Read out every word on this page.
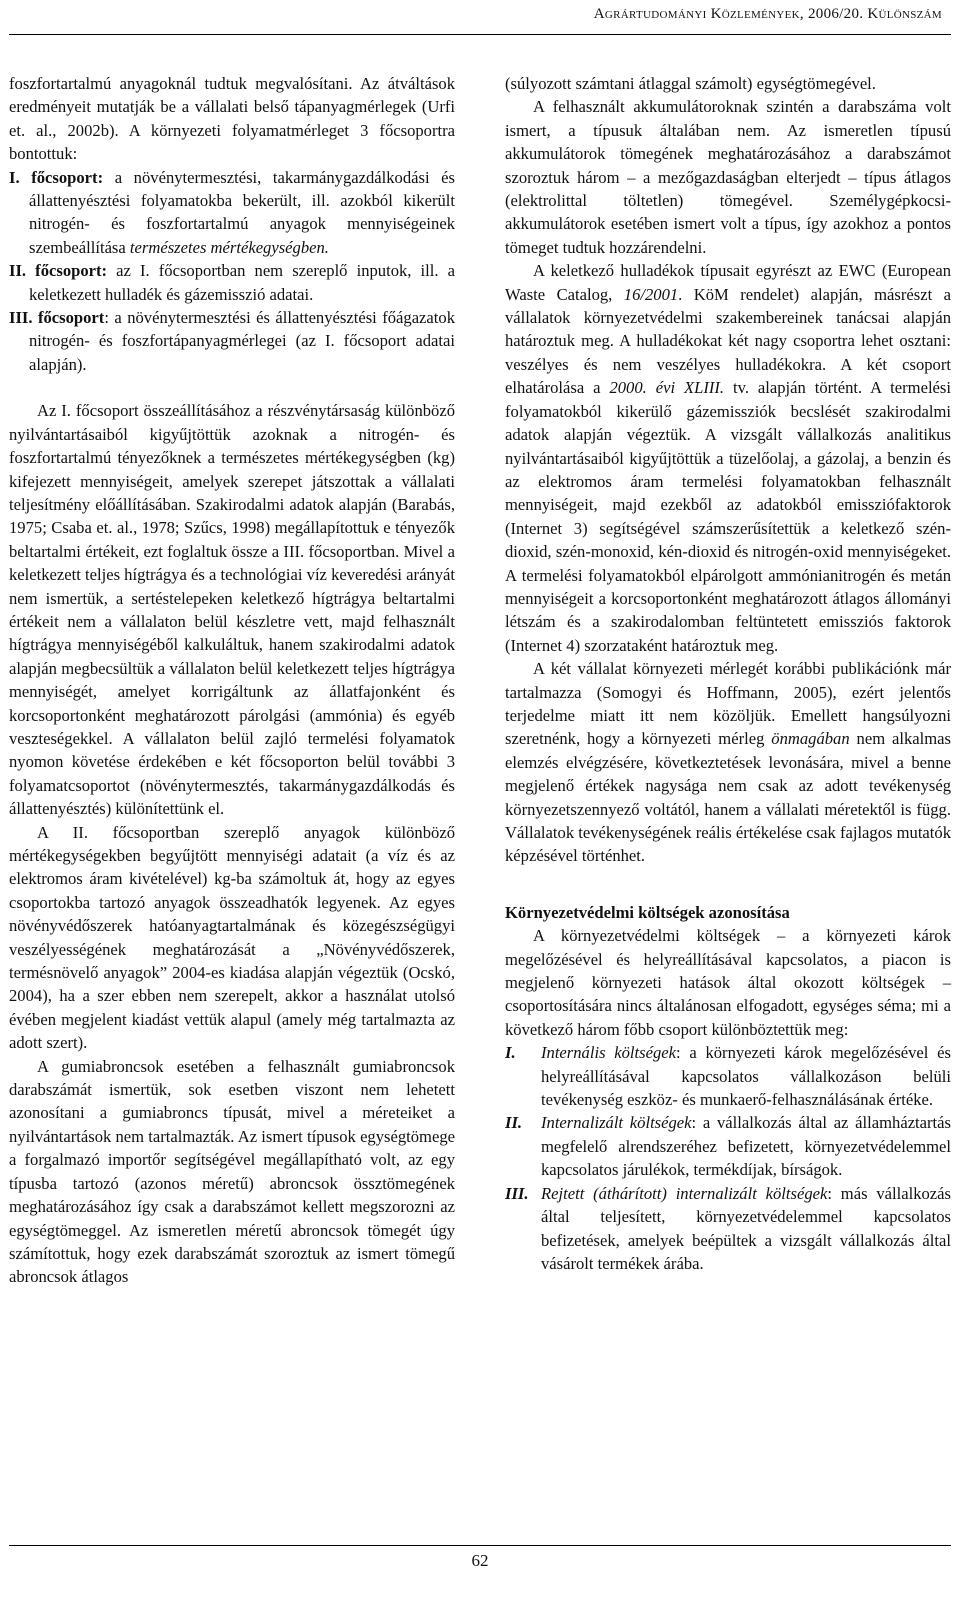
Agrártudományi Közlemények, 2006/20. Különszám

foszfortartalmú anyagoknál tudtuk megvalósítani. Az átváltások eredményeit mutatják be a vállalati belső tápanyagmérlegek (Urfi et. al., 2002b). A környezeti folyamatmérleget 3 főcsoportra bontottuk:

I. főcsoport: a növénytermesztési, takarmánygazdálkodási és állattenyésztési folyamatokba bekerült, ill. azokból kikerült nitrogén- és foszfortartalmú anyagok mennyiségeinek szembeállítása természetes mértékegységben.

II. főcsoport: az I. főcsoportban nem szereplő inputok, ill. a keletkezett hulladék és gázemisszió adatai.

III. főcsoport: a növénytermesztési és állattenyésztési főágazatok nitrogén- és foszfortápanyagmérlegei (az I. főcsoport adatai alapján).

Az I. főcsoport összeállításához a részvénytársaság különböző nyilvántartásaiból kigyűjtöttük azoknak a nitrogén- és foszfortartalmú tényezőknek a természetes mértékegységben (kg) kifejezett mennyiségeit, amelyek szerepet játszottak a vállalati teljesítmény előállításában. Szakirodalmi adatok alapján (Barabás, 1975; Csaba et. al., 1978; Szűcs, 1998) megállapítottuk e tényezők beltartalmi értékeit, ezt foglaltuk össze a III. főcsoportban. Mivel a keletkezett teljes hígtrágya és a technológiai víz keveredési arányát nem ismertük, a sertéstelepeken keletkező hígtrágya beltartalmi értékeit nem a vállalaton belül készletre vett, majd felhasznált hígtrágya mennyiségéből kalkuláltuk, hanem szakirodalmi adatok alapján megbecsültük a vállalaton belül keletkezett teljes hígtrágya mennyiségét, amelyet korrigáltunk az állatfajonként és korcsoportonként meghatározott párolgási (ammónia) és egyéb veszteségekkel. A vállalaton belül zajló termelési folyamatok nyomon követése érdekében e két főcsoporton belül további 3 folyamatcsoportot (növénytermesztés, takarmánygazdálkodás és állattenyésztés) különítettünk el.

A II. főcsoportban szereplő anyagok különböző mértékegységekben begyűjtött mennyiségi adatait (a víz és az elektromos áram kivételével) kg-ba számoltuk át, hogy az egyes csoportokba tartozó anyagok összeadhatók legyenek. Az egyes növényvédőszerek hatóanyagtartalmának és közegészségügyi veszélyességének meghatározását a „Növényvédőszerek, termésnövelő anyagok” 2004-es kiadása alapján végeztük (Ocskó, 2004), ha a szer ebben nem szerepelt, akkor a használat utolsó évében megjelent kiadást vettük alapul (amely még tartalmazta az adott szert).

A gumiabroncsok esetében a felhasznált gumiabroncsok darabszámát ismertük, sok esetben viszont nem lehetett azonosítani a gumiabroncs típusát, mivel a méreteiket a nyilvántartások nem tartalmazták. Az ismert típusok egységtömege a forgalmazó importőr segítségével megállapítható volt, az egy típusba tartozó (azonos méretű) abroncsok össztömegének meghatározásához így csak a darabszámot kellett megszorozni az egységtömeggel. Az ismeretlen méretű abroncsok tömegét úgy számítottuk, hogy ezek darabszámát szoroztuk az ismert tömegű abroncsok átlagos

(súlyozott számtani átlaggal számolt) egységtömegével.

A felhasznált akkumulátoroknak szintén a darabszáma volt ismert, a típusuk általában nem. Az ismeretlen típusú akkumulátorok tömegének meghatározásához a darabszámot szoroztuk három – a mezőgazdaságban elterjedt – típus átlagos (elektrolittal töltetlen) tömegével. Személygépkocsi-akkumulátorok esetében ismert volt a típus, így azokhoz a pontos tömeget tudtuk hozzárendelni.

A keletkező hulladékok típusait egyrészt az EWC (European Waste Catalog, 16/2001. KöM rendelet) alapján, másrészt a vállalatok környezetvédelmi szakembereinek tanácsai alapján határoztuk meg. A hulladékokat két nagy csoportra lehet osztani: veszélyes és nem veszélyes hulladékokra. A két csoport elhatárolása a 2000. évi XLIII. tv. alapján történt. A termelési folyamatokból kikerülő gázemissziók becslését szakirodalmi adatok alapján végeztük. A vizsgált vállalkozás analitikus nyilvántartásaiból kigyűjtöttük a tüzelőolaj, a gázolaj, a benzin és az elektromos áram termelési folyamatokban felhasznált mennyiségeit, majd ezekből az adatokból emissziófaktorok (Internet 3) segítségével számszerűsítettük a keletkező szén-dioxid, szén-monoxid, kén-dioxid és nitrogén-oxid mennyiségeket. A termelési folyamatokból elpárolgott ammónianitrogén és metán mennyiségeit a korcsoportonként meghatározott átlagos állományi létszám és a szakirodalomban feltüntetett emissziós faktorok (Internet 4) szorzataként határoztuk meg.

A két vállalat környezeti mérlegét korábbi publikációnk már tartalmazza (Somogyi és Hoffmann, 2005), ezért jelentős terjedelme miatt itt nem közöljük. Emellett hangsúlyozni szeretnénk, hogy a környezeti mérleg önmagában nem alkalmas elemzés elvégzésére, következtetések levonására, mivel a benne megjelenő értékek nagysága nem csak az adott tevékenység környezetszennyező voltától, hanem a vállalati méretektől is függ. Vállalatok tevékenységének reális értékelése csak fajlagos mutatók képzésével történhet.

Környezetvédelmi költségek azonosítása

A környezetvédelmi költségek – a környezeti károk megelőzésével és helyreállításával kapcsolatos, a piacon is megjelenő környezeti hatások által okozott költségek – csoportosítására nincs általánosan elfogadott, egységes séma; mi a következő három főbb csoport különböztettük meg:

I. Internális költségek: a környezeti károk megelőzésével és helyreállításával kapcsolatos vállalkozáson belüli tevékenység eszköz- és munkaerő-felhasználásának értéke.

II. Internalizált költségek: a vállalkozás által az államháztartás megfelelő alrendszeréhez befizetett, környezetvédelemmel kapcsolatos járulékok, termékdíjak, bírságok.

III. Rejtett (áthárított) internalizált költségek: más vállalkozás által teljesített, környezetvédelemmel kapcsolatos befizetések, amelyek beépültek a vizsgált vállalkozás által vásárolt termékek árába.

62
